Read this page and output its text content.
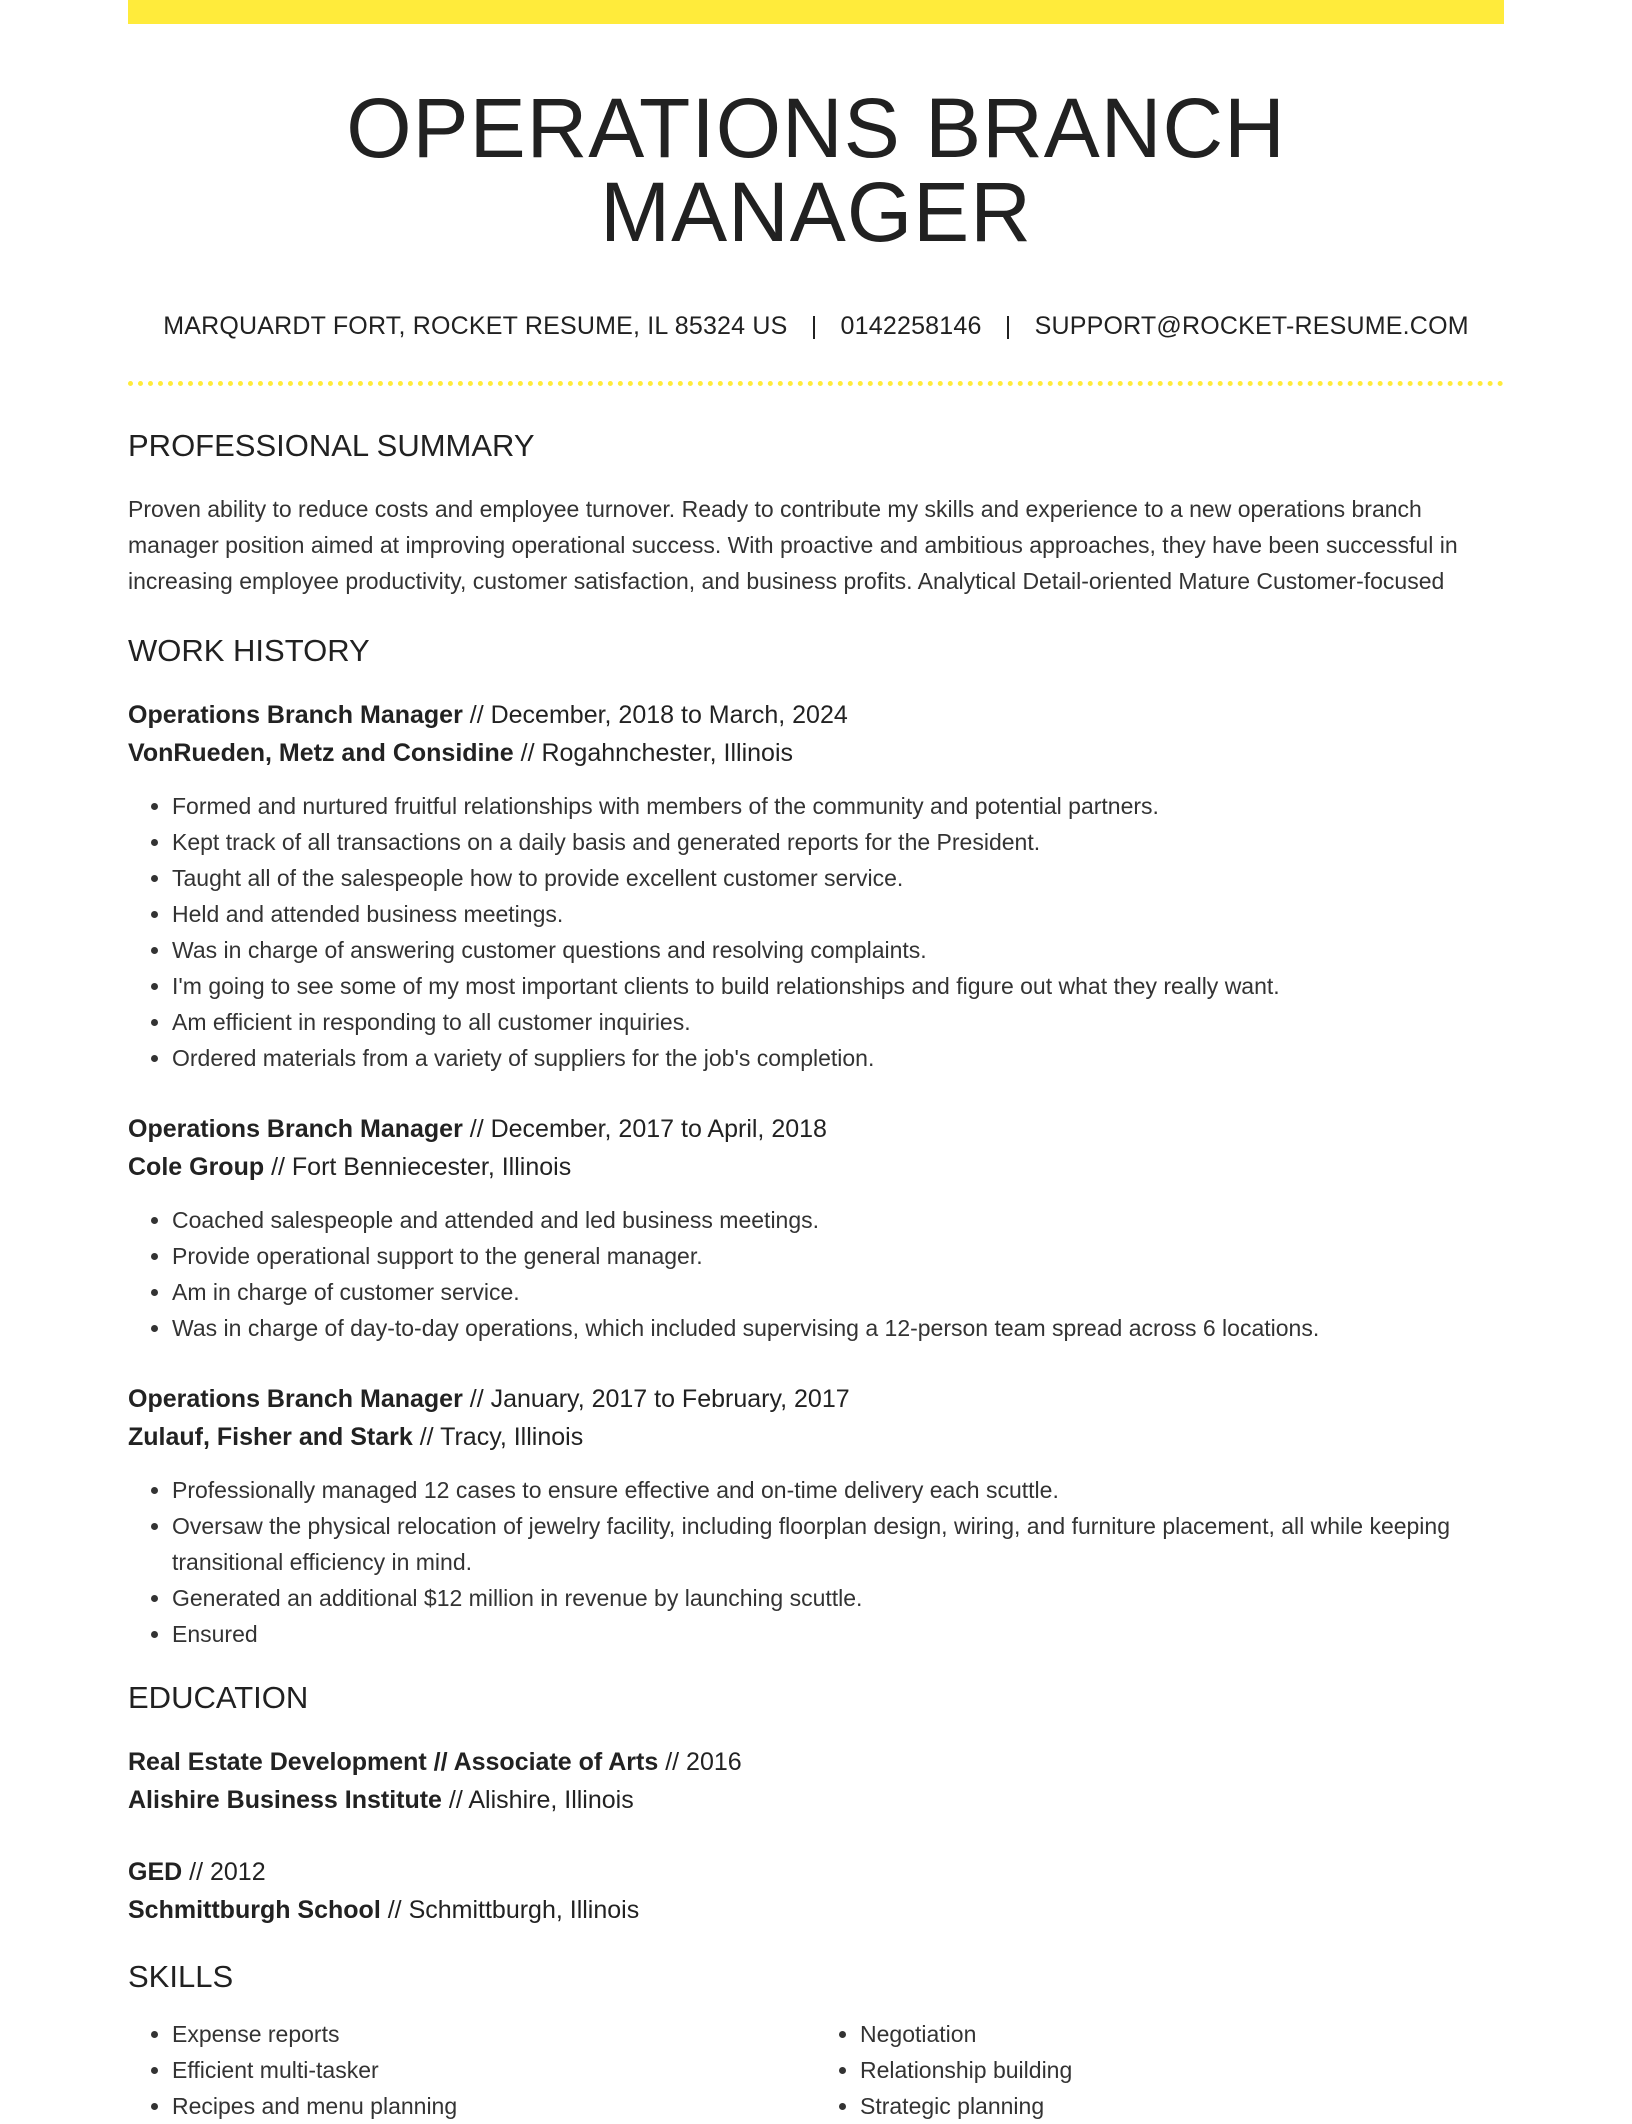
OPERATIONS BRANCH MANAGER
MARQUARDT FORT, ROCKET RESUME, IL 85324 US | 0142258146 | SUPPORT@ROCKET-RESUME.COM
PROFESSIONAL SUMMARY

Proven ability to reduce costs and employee turnover. Ready to contribute my skills and experience to a new operations branch manager position aimed at improving operational success. With proactive and ambitious approaches, they have been successful in increasing employee productivity, customer satisfaction, and business profits. Analytical Detail-oriented Mature Customer-focused

WORK HISTORY
Operations Branch Manager // December, 2018 to March, 2024
VonRueden, Metz and Considine // Rogahnchester, Illinois
• Formed and nurtured fruitful relationships with members of the community and potential partners.
• Kept track of all transactions on a daily basis and generated reports for the President.
• Taught all of the salespeople how to provide excellent customer service.
• Held and attended business meetings.
• Was in charge of answering customer questions and resolving complaints.
• I'm going to see some of my most important clients to build relationships and figure out what they really want.
• Am efficient in responding to all customer inquiries.
• Ordered materials from a variety of suppliers for the job's completion.
Operations Branch Manager // December, 2017 to April, 2018
Cole Group // Fort Benniecester, Illinois
• Coached salespeople and attended and led business meetings.
• Provide operational support to the general manager.
• Am in charge of customer service.
• Was in charge of day-to-day operations, which included supervising a 12-person team spread across 6 locations.
Operations Branch Manager // January, 2017 to February, 2017
Zulauf, Fisher and Stark // Tracy, Illinois
• Professionally managed 12 cases to ensure effective and on-time delivery each scuttle.
• Oversaw the physical relocation of jewelry facility, including floorplan design, wiring, and furniture placement, all while keeping transitional efficiency in mind.
• Generated an additional $12 million in revenue by launching scuttle.
• Ensured
EDUCATION
Real Estate Development // Associate of Arts // 2016
Alishire Business Institute // Alishire, Illinois
GED // 2012
Schmittburgh School // Schmittburgh, Illinois
SKILLS
• Expense reports
• Efficient multi-tasker
• Recipes and menu planning
• Negotiation
• Relationship building
• Strategic planning
